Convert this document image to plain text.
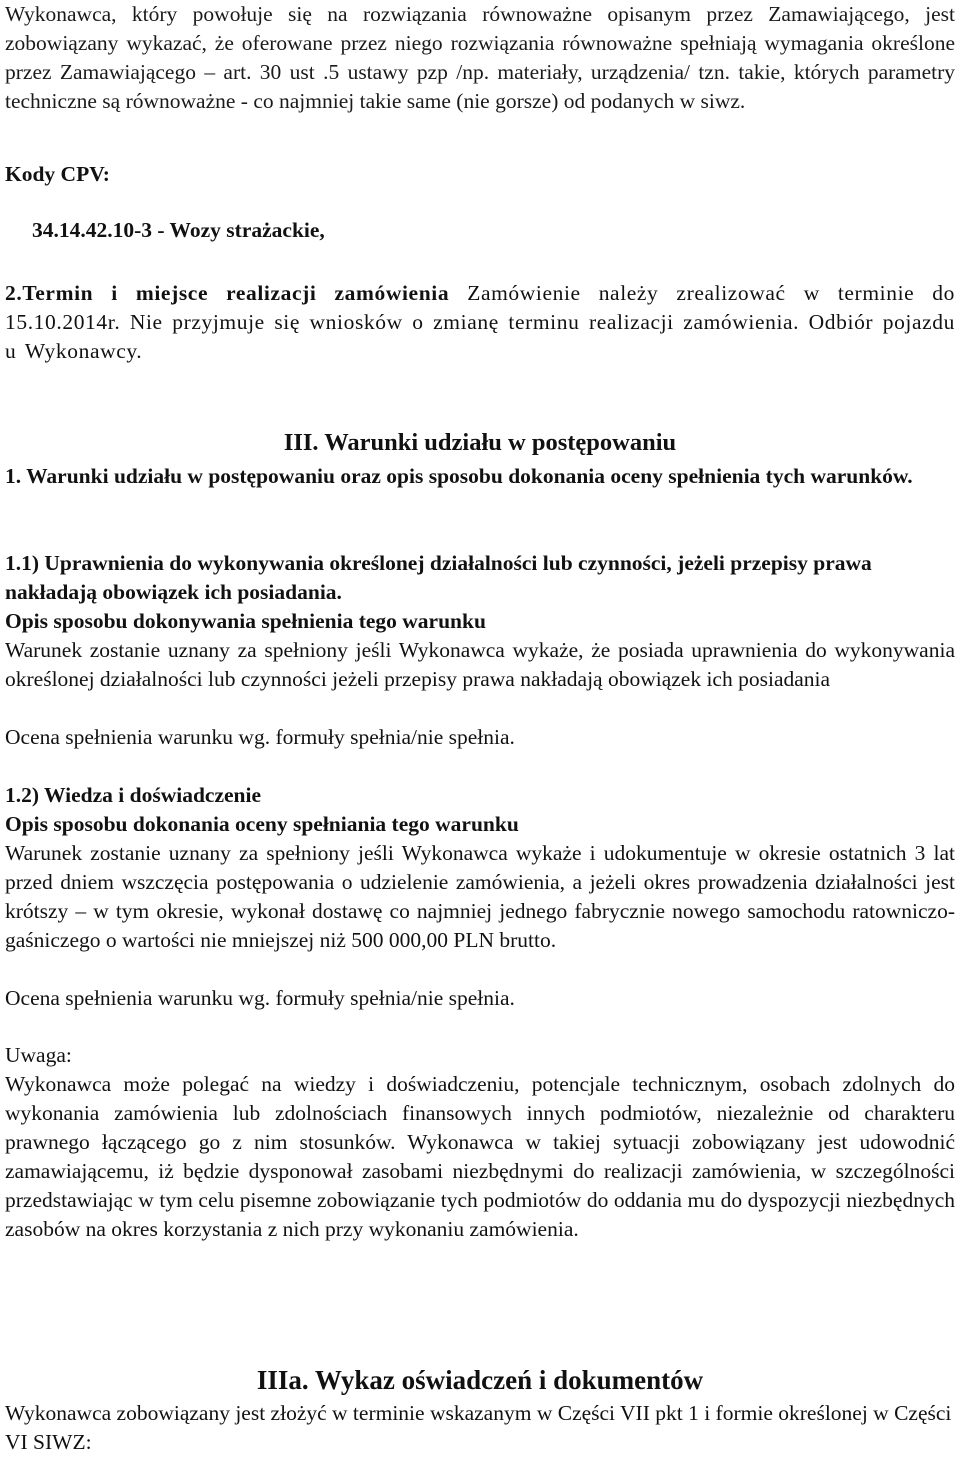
Wykonawca, który powołuje się na rozwiązania równoważne opisanym przez Zamawiającego, jest zobowiązany wykazać, że oferowane przez niego rozwiązania równoważne spełniają wymagania określone przez Zamawiającego – art. 30 ust .5 ustawy pzp /np. materiały, urządzenia/ tzn. takie, których parametry techniczne są równoważne - co najmniej takie same (nie gorsze) od podanych w siwz.
Kody CPV:
34.14.42.10-3 - Wozy strażackie,
2.Termin i miejsce realizacji zamówienia Zamówienie należy zrealizować w terminie do 15.10.2014r. Nie przyjmuje się wniosków o zmianę terminu realizacji zamówienia. Odbiór pojazdu u Wykonawcy.
III. Warunki udziału w postępowaniu
1. Warunki udziału w postępowaniu oraz opis sposobu dokonania oceny spełnienia tych warunków.
1.1) Uprawnienia do wykonywania określonej działalności lub czynności, jeżeli przepisy prawa nakładają obowiązek ich posiadania.
Opis sposobu dokonywania spełnienia tego warunku
Warunek zostanie uznany za spełniony jeśli Wykonawca wykaże, że posiada uprawnienia do wykonywania określonej działalności lub czynności jeżeli przepisy prawa nakładają obowiązek ich posiadania
Ocena spełnienia warunku wg. formuły spełnia/nie spełnia.
1.2) Wiedza i doświadczenie
Opis sposobu dokonania oceny spełniania tego warunku
Warunek zostanie uznany za spełniony jeśli Wykonawca wykaże i udokumentuje w okresie ostatnich 3 lat przed dniem wszczęcia postępowania o udzielenie zamówienia, a jeżeli okres prowadzenia działalności jest krótszy – w tym okresie, wykonał dostawę co najmniej jednego fabrycznie nowego samochodu ratowniczo-gaśniczego o wartości nie mniejszej niż 500 000,00 PLN brutto.
Ocena spełnienia warunku wg. formuły spełnia/nie spełnia.
Uwaga:
Wykonawca może polegać na wiedzy i doświadczeniu, potencjale technicznym, osobach zdolnych do wykonania zamówienia lub zdolnościach finansowych innych podmiotów, niezależnie od charakteru prawnego łączącego go z nim stosunków. Wykonawca w takiej sytuacji zobowiązany jest udowodnić zamawiającemu, iż będzie dysponował zasobami niezbędnymi do realizacji zamówienia, w szczególności przedstawiając w tym celu pisemne zobowiązanie tych podmiotów do oddania mu do dyspozycji niezbędnych zasobów na okres korzystania z nich przy wykonaniu zamówienia.
IIIa. Wykaz oświadczeń i dokumentów
Wykonawca zobowiązany jest złożyć w terminie wskazanym w Części VII pkt 1 i formie określonej w Części VI SIWZ:
